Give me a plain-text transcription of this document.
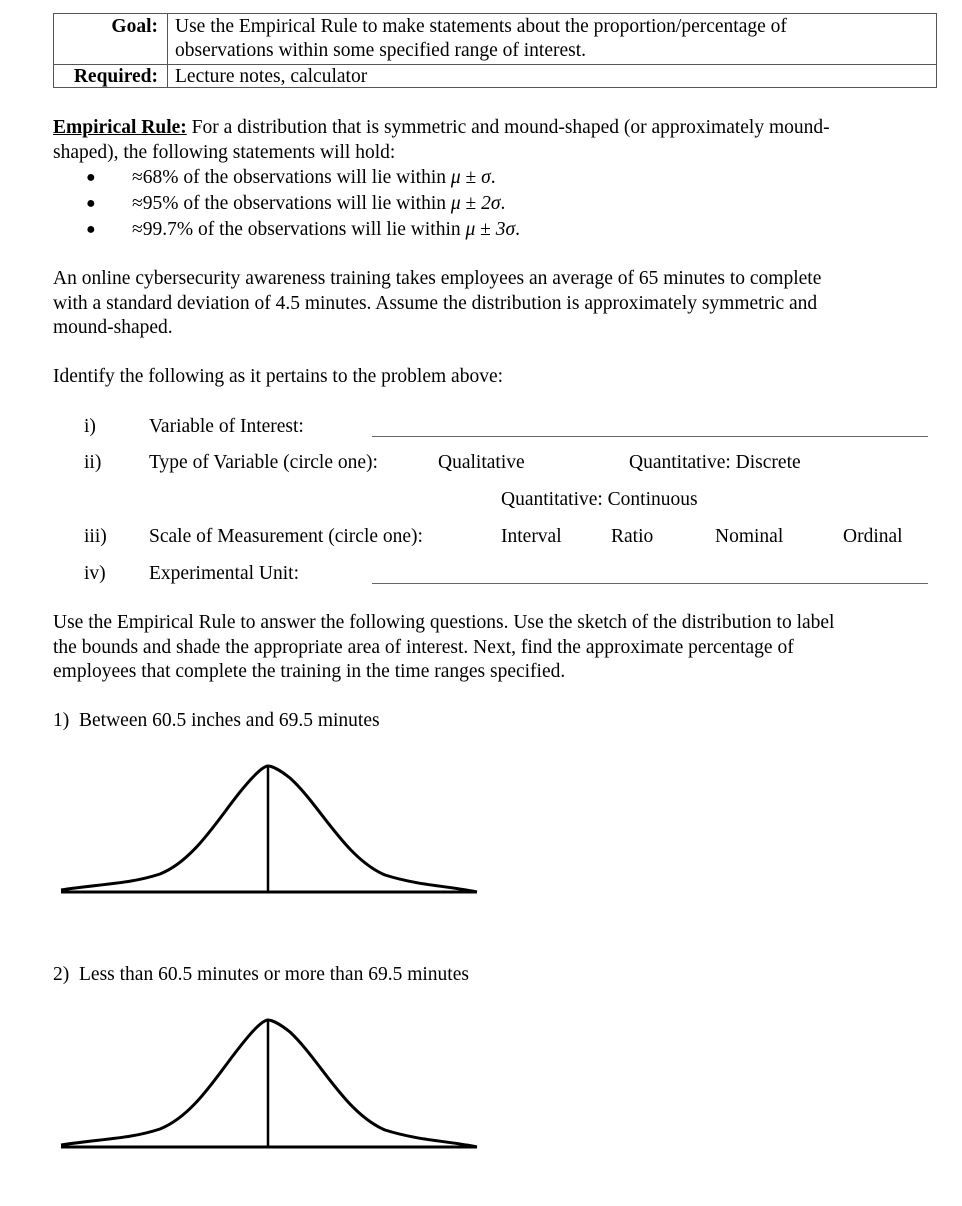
Goal: Use the Empirical Rule to make statements about the proportion/percentage of
observations within some specified range of interest.
Required: Lecture notes, calculator
Empirical Rule: For a distribution that is symmetric and mound-shaped (or approximately mound-
shaped), the following statements will hold:
● ≈68% of the observations will lie within μ ± σ.
● ≈95% of the observations will lie within μ ± 2σ.
● ≈99.7% of the observations will lie within μ ± 3σ.
An online cybersecurity awareness training takes employees an average of 65 minutes to complete
with a standard deviation of 4.5 minutes. Assume the distribution is approximately symmetric and
mound-shaped.
Identify the following as it pertains to the problem above:
i)	Variable of Interest:
ii) Type of Variable (circle one):	Qualitative	Quantitative: Discrete
Quantitative: Continuous
iii) Scale of Measurement (circle one):	Interval	Ratio	Nominal	Ordinal
iv) Experimental Unit:
Use the Empirical Rule to answer the following questions. Use the sketch of the distribution to label
the bounds and shade the appropriate area of interest. Next, find the approximate percentage of
employees that complete the training in the time ranges specified.
1) Between 60.5 inches and 69.5 minutes
2) Less than 60.5 minutes or more than 69.5 minutes
